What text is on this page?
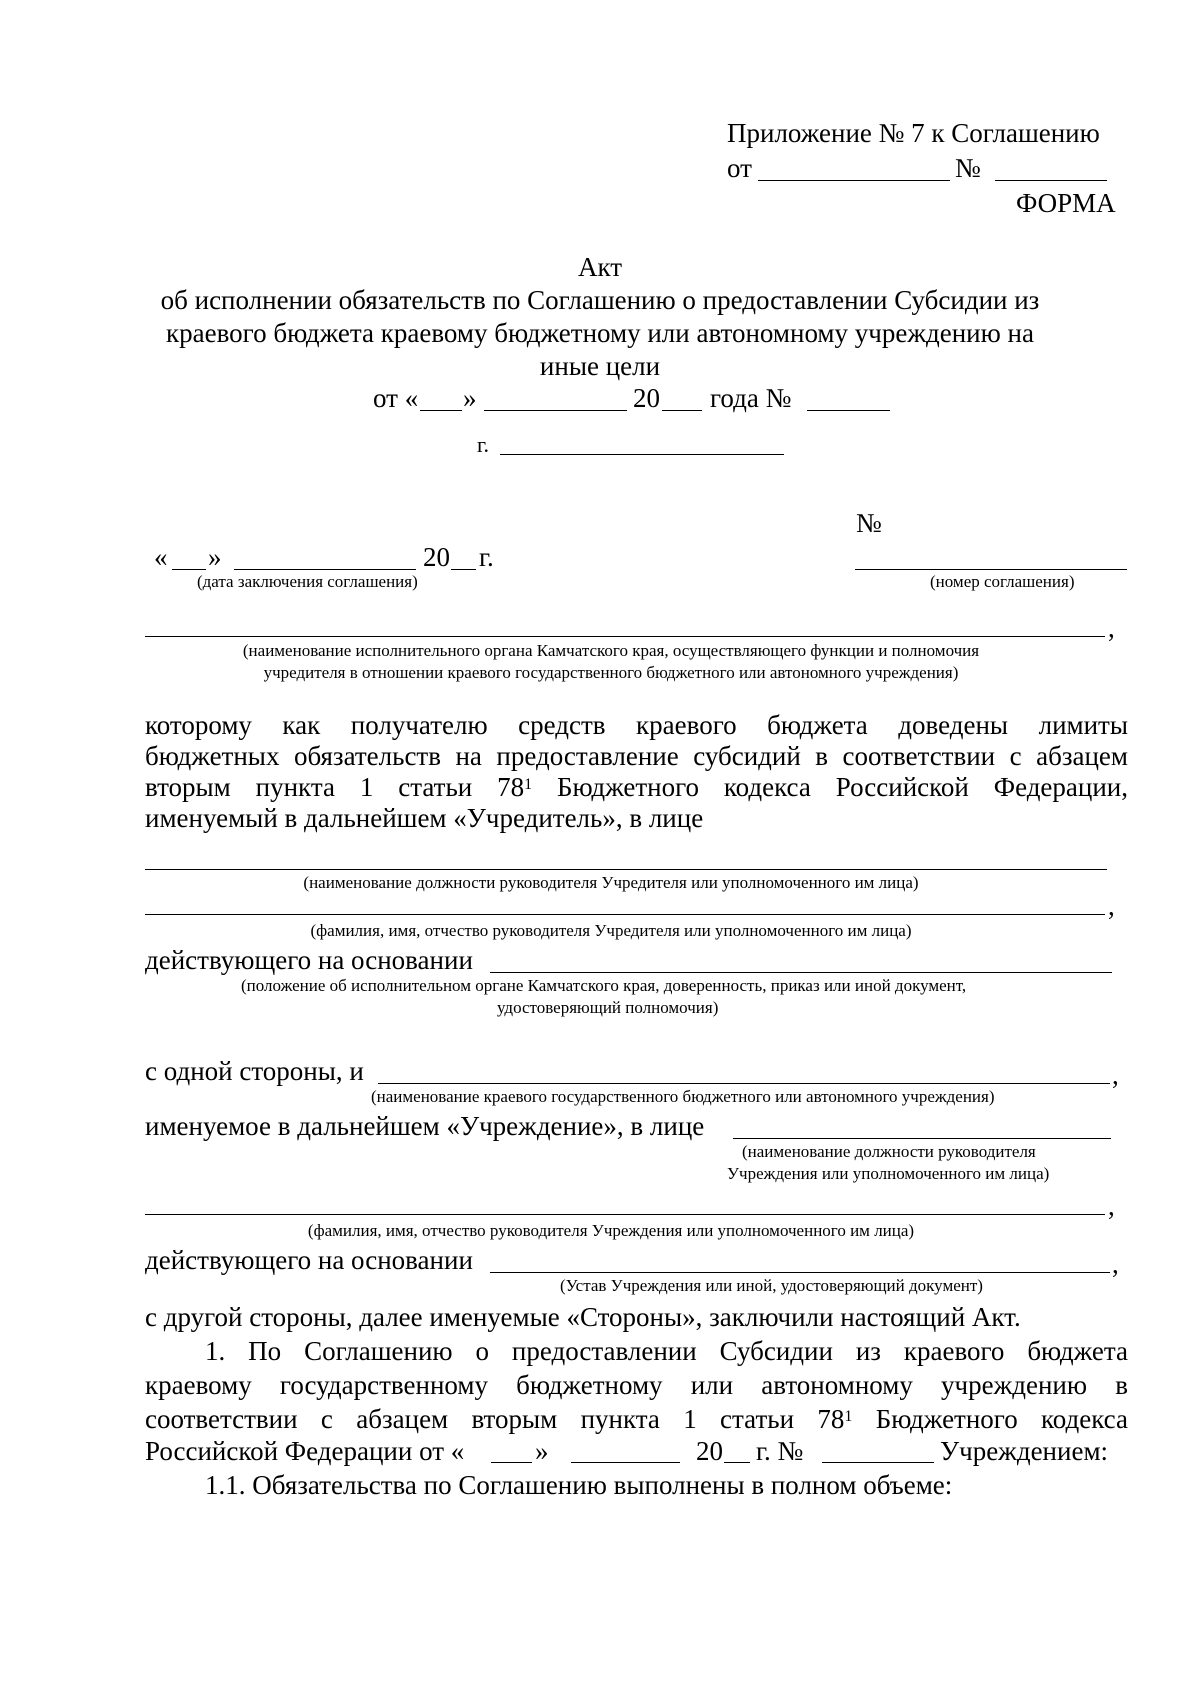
Приложение № 7 к Соглашению
от	№
ФОРМА
Акт
об исполнении обязательств по Соглашению о предоставлении Субсидии из
краевого бюджета краевому бюджетному или автономному учреждению на
иные цели
от « »	20 года №
г.
№
« »	20 г.
(дата заключения соглашения)	(номер соглашения)
,
(наименование исполнительного органа Камчатского края, осуществляющего функции и полномочия
учредителя в отношении краевого государственного бюджетного или автономного учреждения)
которому как получателю средств краевого бюджета доведены лимиты
бюджетных обязательств на предоставление субсидий в соответствии с абзацем
вторым пункта 1 статьи $78^1$ Бюджетного кодекса Российской Федерации,
именуемый в дальнейшем «Учредитель», в лице
(наименование должности руководителя Учредителя или уполномоченного им лица)
,
(фамилия, имя, отчество руководителя Учредителя или уполномоченного им лица)
действующего на основании
(положение об исполнительном органе Камчатского края, доверенность, приказ или иной документ,
удостоверяющий полномочия)
с одной стороны, и	,
(наименование краевого государственного бюджетного или автономного учреждения)
именуемое в дальнейшем «Учреждение», в лице
(наименование должности руководителя
Учреждения или уполномоченного им лица)
,
(фамилия, имя, отчество руководителя Учреждения или уполномоченного им лица)
действующего на основании	,
(Устав Учреждения или иной, удостоверяющий документ)
с другой стороны, далее именуемые «Стороны», заключили настоящий Акт.
1. По Соглашению о предоставлении Субсидии из краевого бюджета
краевому государственному бюджетному или автономному учреждению в
соответствии с абзацем вторым пункта 1 статьи $78^1$ Бюджетного кодекса
Российской Федерации от «	»	20 г. №	Учреждением:
1.1. Обязательства по Соглашению выполнены в полном объеме:
